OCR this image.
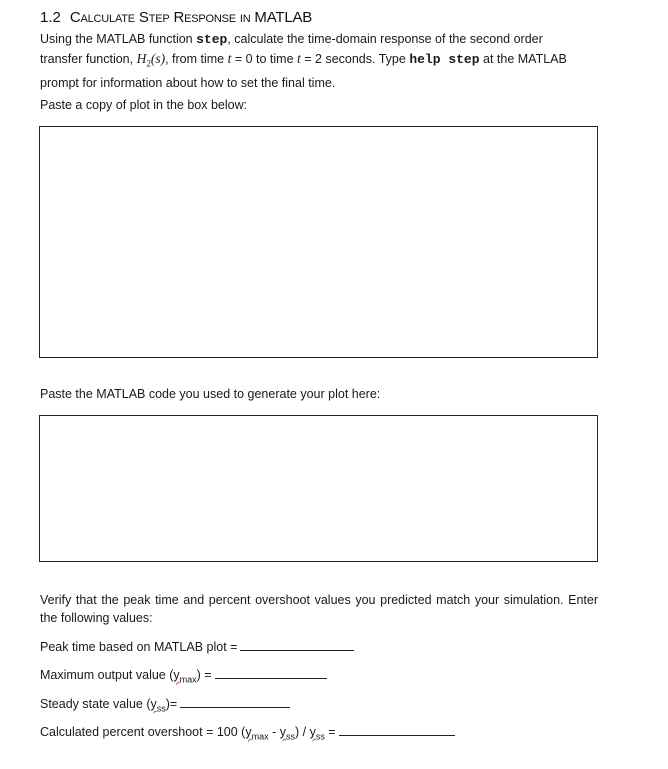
1.2 Calculate Step Response in MATLAB
Using the MATLAB function step, calculate the time-domain response of the second order
transfer function, $H_2(s)$, from time t = 0 to time t = 2 seconds. Type help step at the MATLAB
prompt for information about how to set the final time.
Paste a copy of plot in the box below:
Paste the MATLAB code you used to generate your plot here:
Verify that the peak time and percent overshoot values you predicted match your simulation. Enter the following values:
Peak time based on MATLAB plot =
Maximum output value $(y_{max})$ =
Steady state value $(y_{ss})=$
Calculated percent overshoot = 100 $(y_{max} - y_{ss}) / y_{ss}$ =
